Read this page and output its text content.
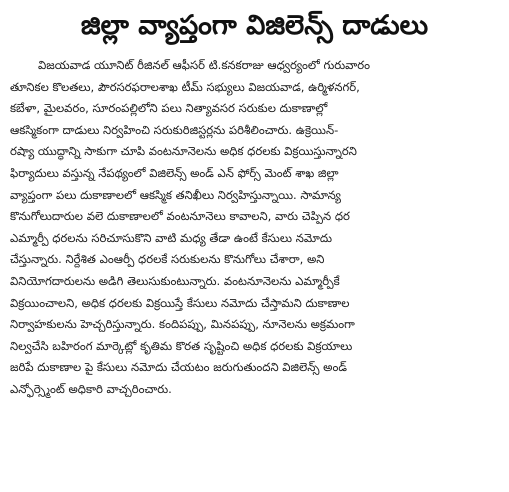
జిల్లా వ్యాప్తంగా విజిలెన్స్ దాడులు
విజయవాడ యూనిట్ రీజినల్ ఆఫీసర్ టి.కనకరాజు ఆధ్వర్యంలో గురువారం
తూనికల కొలతలు, పౌరసరఫరాలశాఖ టీమ్ సభ్యులు విజయవాడ, ఉర్మిళనగర్,
కబేళా, మైలవరం, సూరంపల్లిలోని పలు నిత్యావసర సరుకుల దుకాణాల్లో
ఆకస్మికంగా దాడులు నిర్వహించి సరుకురిజిస్టర్లను పరిశీలించారు. ఉక్రెయిన్-
రష్యా యుద్ధాన్ని సాకుగా చూపి వంటనూనెలను అధిక ధరలకు విక్రయిస్తున్నారని
ఫిర్యాదులు వస్తున్న నేపథ్యంలో విజిలెన్స్ అండ్ ఎన్ ఫోర్స్ మెంట్ శాఖ జిల్లా
వ్యాప్తంగా పలు దుకాణాలలో ఆకస్మిక తనిఖీలు నిర్వహిస్తున్నాయి. సామాన్య
కొనుగోలుదారుల వలె దుకాణాలలో వంటనూనెలు కావాలని, వారు చెప్పిన ధర
ఎమ్మార్పీ ధరలను సరిచూసుకొని వాటి మధ్య తేడా ఉంటే కేసులు నమోదు
చేస్తున్నారు. నిర్దేశిత ఎంఆర్పీ ధరలకే సరుకులను కొనుగోలు చేశారా, అని
వినియోగదారులను అడిగి తెలుసుకుంటున్నారు. వంటనూనెలను ఎమ్మార్పీకే
విక్రయించాలని, అధిక ధరలకు విక్రయిస్తే కేసులు నమోదు చేస్తామని దుకాణాల
నిర్వాహకులను హెచ్చరిస్తున్నారు. కందిపప్పు, మినపప్పు, నూనెలను అక్రమంగా
నిల్వచేసి బహిరంగ మార్కెట్లో కృతిమ కొరత సృష్టించి అధిక ధరలకు విక్రయాలు
జరిపే దుకాణాల పై కేసులు నమోదు చేయటం జరుగుతుందని విజిలెన్స్ అండ్
ఎన్ఫోర్స్మెంట్ అధికారి వాచ్చరించారు.
